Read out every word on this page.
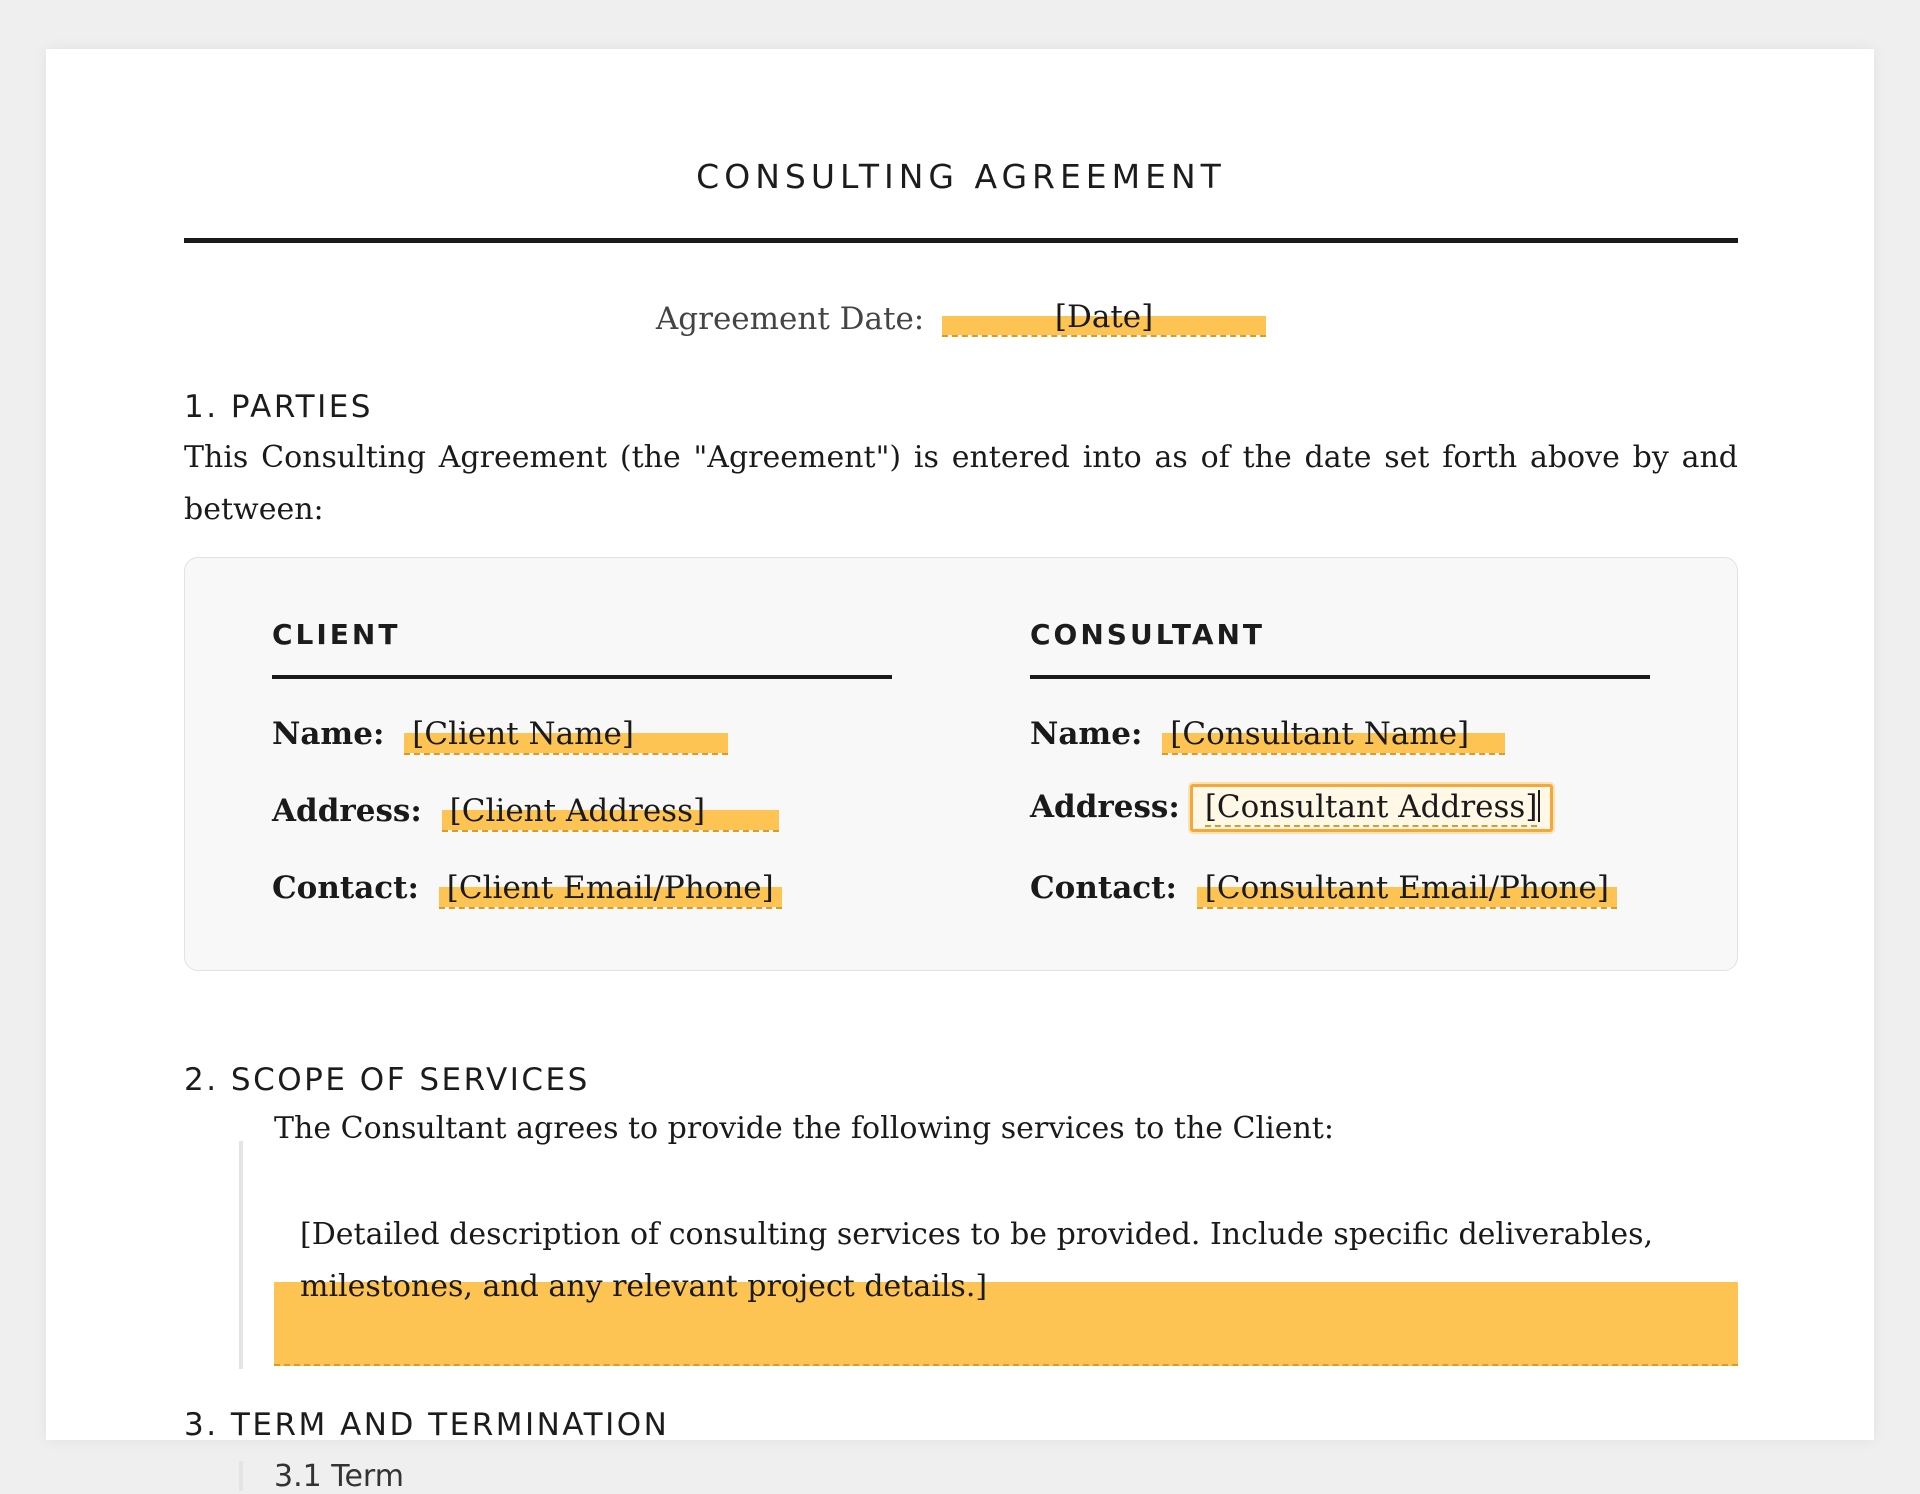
CONSULTING AGREEMENT
Agreement Date:	[Date]
1. PARTIES
This Consulting Agreement (the "Agreement") is entered into as of the date set forth above by and between:
CLIENT
Name: [Client Name]
Address: [Client Address]
Contact: [Client Email/Phone]
CONSULTANT
Name: [Consultant Name]
Address: [Consultant Address]
Contact: [Consultant Email/Phone]
2. SCOPE OF SERVICES
The Consultant agrees to provide the following services to the Client:
[Detailed description of consulting services to be provided. Include specific deliverables, milestones, and any relevant project details.]
3. TERM AND TERMINATION
3.1 Term
